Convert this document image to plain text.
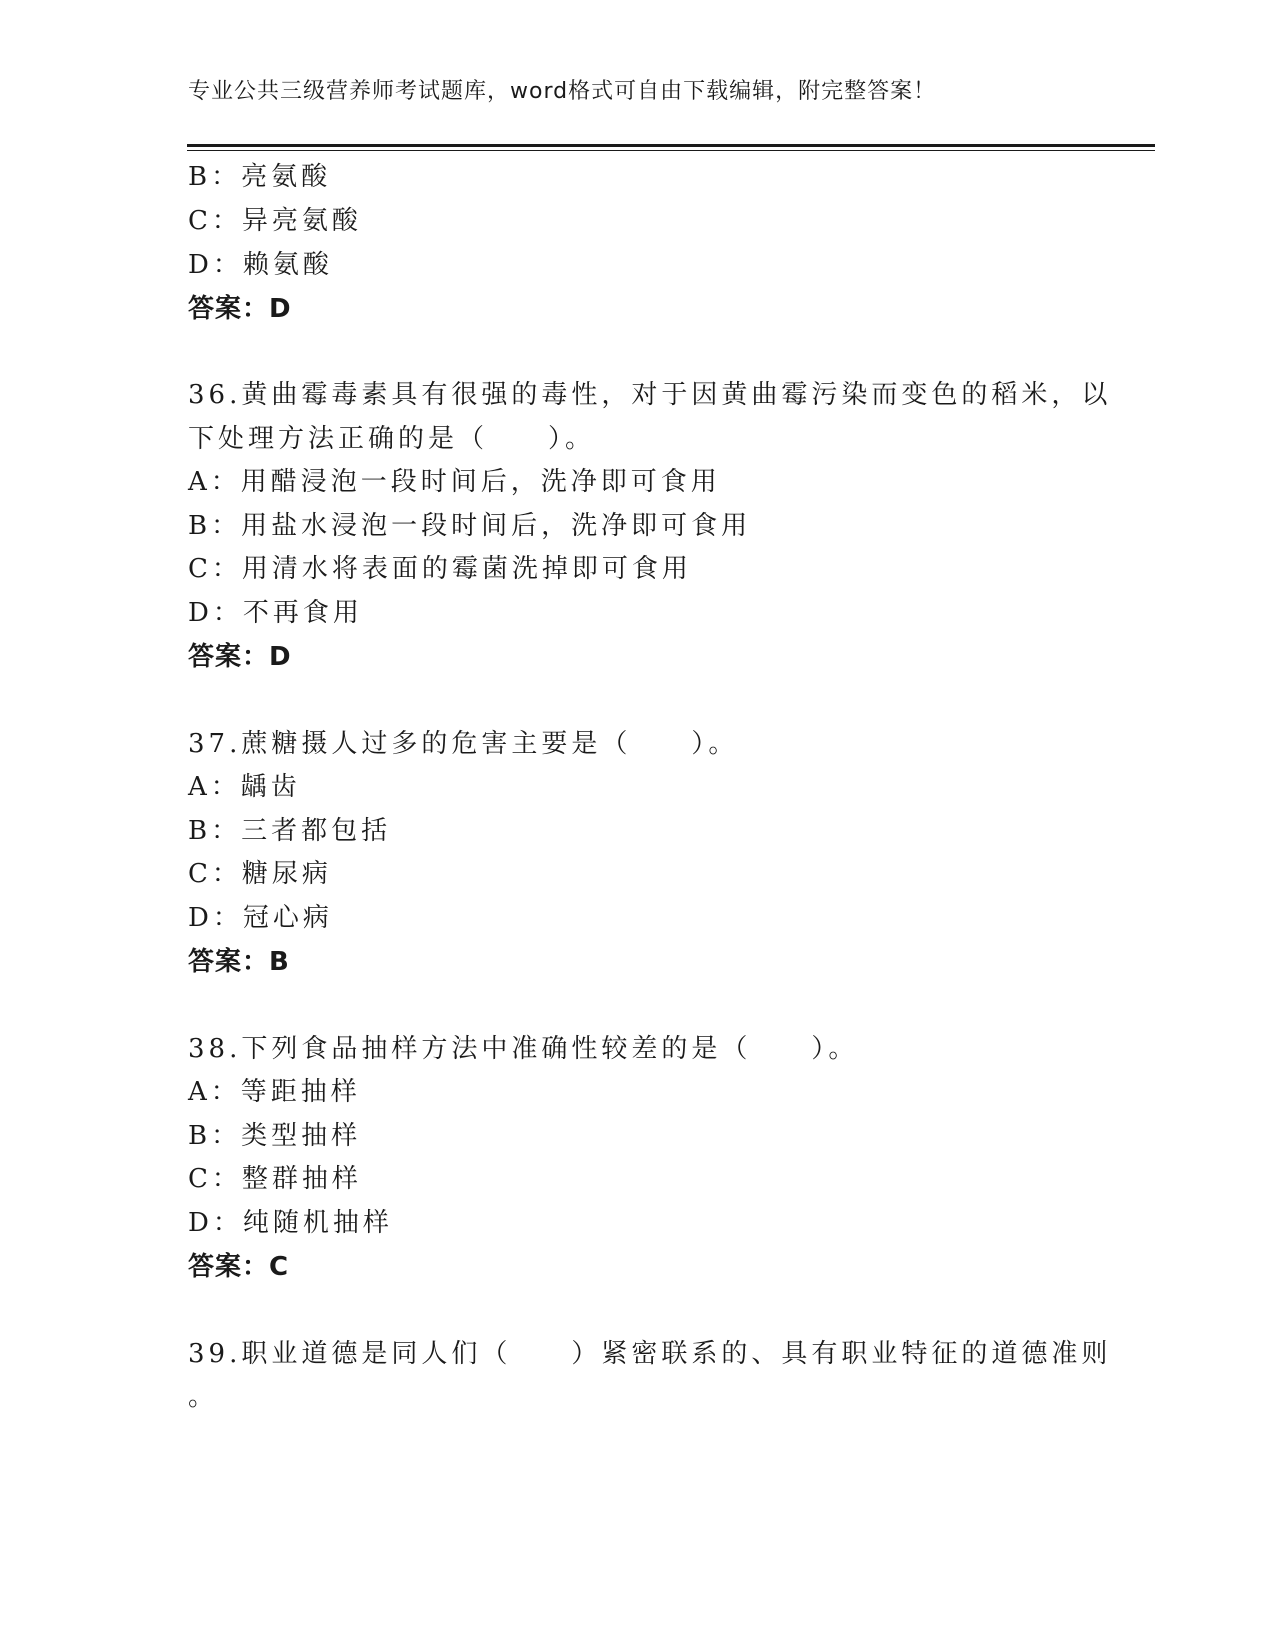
专业公共三级营养师考试题库，word格式可自由下载编辑，附完整答案！
B：亮氨酸
C：异亮氨酸
D：赖氨酸
答案：D
36.黄曲霉毒素具有很强的毒性，对于因黄曲霉污染而变色的稻米，以
下处理方法正确的是（　　）。
A：用醋浸泡一段时间后，洗净即可食用
B：用盐水浸泡一段时间后，洗净即可食用
C：用清水将表面的霉菌洗掉即可食用
D：不再食用
答案：D
37.蔗糖摄人过多的危害主要是（　　）。
A：龋齿
B：三者都包括
C：糖尿病
D：冠心病
答案：B
38.下列食品抽样方法中准确性较差的是（　　）。
A：等距抽样
B：类型抽样
C：整群抽样
D：纯随机抽样
答案：C
39.职业道德是同人们（　　）紧密联系的、具有职业特征的道德准则
。
